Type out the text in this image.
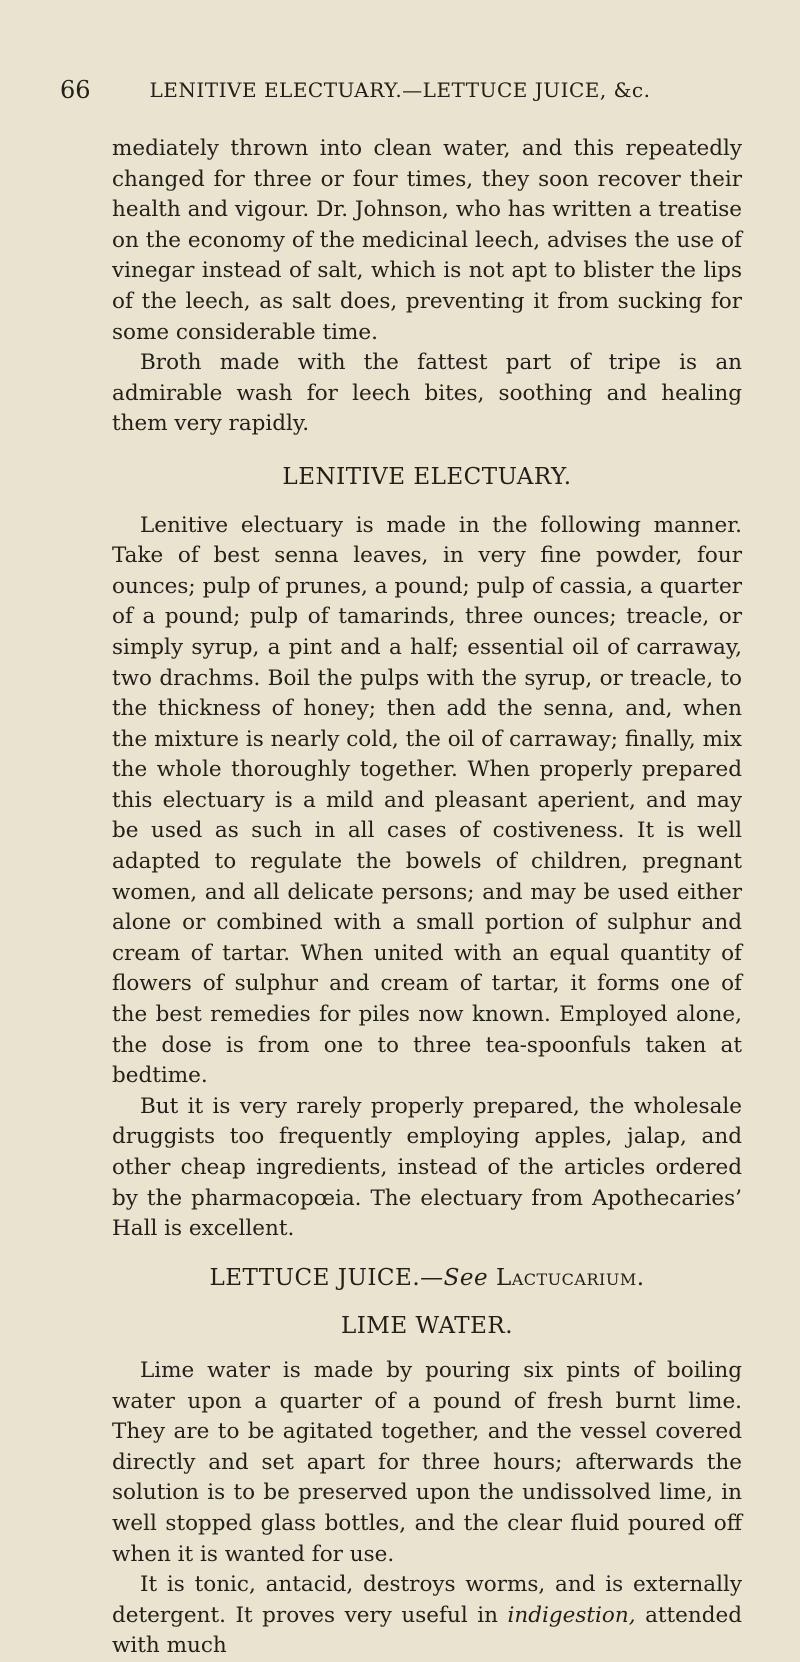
66	LENITIVE ELECTUARY.—LETTUCE JUICE, &c.

mediately thrown into clean water, and this repeatedly changed for three or four times, they soon recover their health and vigour. Dr. Johnson, who has written a treatise on the economy of the medicinal leech, advises the use of vinegar instead of salt, which is not apt to blister the lips of the leech, as salt does, preventing it from sucking for some considerable time.

Broth made with the fattest part of tripe is an admirable wash for leech bites, soothing and healing them very rapidly.

LENITIVE ELECTUARY.

Lenitive electuary is made in the following manner. Take of best senna leaves, in very fine powder, four ounces; pulp of prunes, a pound; pulp of cassia, a quarter of a pound; pulp of tamarinds, three ounces; treacle, or simply syrup, a pint and a half; essential oil of carraway, two drachms. Boil the pulps with the syrup, or treacle, to the thickness of honey; then add the senna, and, when the mixture is nearly cold, the oil of carraway; finally, mix the whole thoroughly together. When properly prepared this electuary is a mild and pleasant aperient, and may be used as such in all cases of costiveness. It is well adapted to regulate the bowels of children, pregnant women, and all delicate persons; and may be used either alone or combined with a small portion of sulphur and cream of tartar. When united with an equal quantity of flowers of sulphur and cream of tartar, it forms one of the best remedies for piles now known. Employed alone, the dose is from one to three tea-spoonfuls taken at bedtime.

But it is very rarely properly prepared, the wholesale druggists too frequently employing apples, jalap, and other cheap ingredients, instead of the articles ordered by the pharmacopœia. The electuary from Apothecaries’ Hall is excellent.

LETTUCE JUICE.—See Lactucarium.
LIME WATER.

Lime water is made by pouring six pints of boiling water upon a quarter of a pound of fresh burnt lime. They are to be agitated together, and the vessel covered directly and set apart for three hours; afterwards the solution is to be preserved upon the undissolved lime, in well stopped glass bottles, and the clear fluid poured off when it is wanted for use.

It is tonic, antacid, destroys worms, and is externally detergent. It proves very useful in indigestion, attended with much
